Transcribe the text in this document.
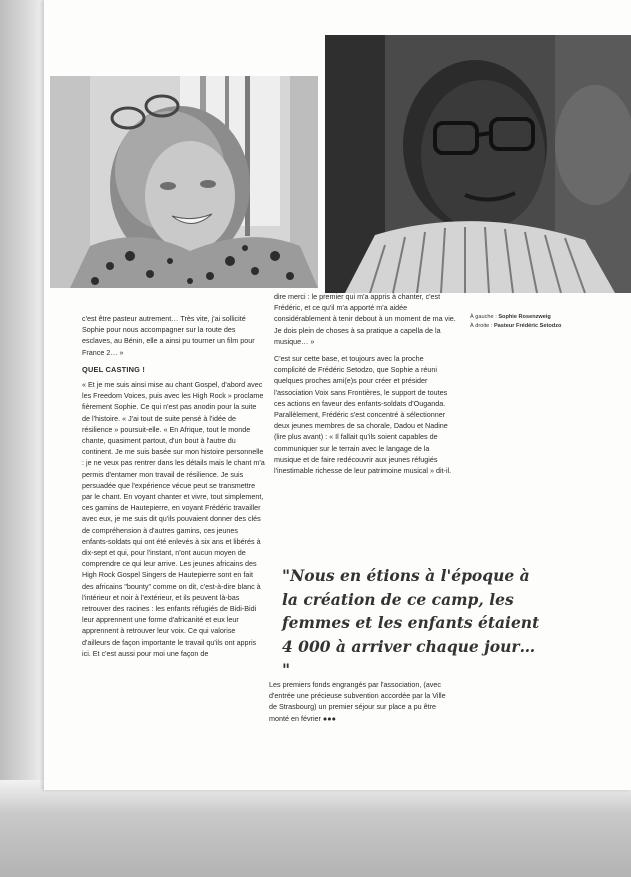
À gauche : Sophie Rosenzweig
À droite : Pasteur Frédéric Setodzo

c'est être pasteur autrement… Très vite, j'ai sollicité Sophie pour nous accompagner sur la route des esclaves, au Bénin, elle a ainsi pu tourner un film pour France 2… »

QUEL CASTING !

« Et je me suis ainsi mise au chant Gospel, d'abord avec les Freedom Voices, puis avec les High Rock » proclame fièrement Sophie. Ce qui n'est pas anodin pour la suite de l'histoire. « J'ai tout de suite pensé à l'idée de résilience » poursuit-elle. « En Afrique, tout le monde chante, quasiment partout, d'un bout à l'autre du continent. Je me suis basée sur mon histoire personnelle : je ne veux pas rentrer dans les détails mais le chant m'a permis d'entamer mon travail de résilience. Je suis persuadée que l'expérience vécue peut se transmettre par le chant. En voyant chanter et vivre, tout simplement, ces gamins de Hautepierre, en voyant Frédéric travailler avec eux, je me suis dit qu'ils pouvaient donner des clés de compréhension à d'autres gamins, ces jeunes enfants-soldats qui ont été enlevés à six ans et libérés à dix-sept et qui, pour l'instant, n'ont aucun moyen de comprendre ce qui leur arrive. Les jeunes africains des High Rock Gospel Singers de Hautepierre sont en fait des africains "bounty" comme on dit, c'est-à-dire blanc à l'intérieur et noir à l'extérieur, et ils peuvent là-bas retrouver des racines : les enfants réfugiés de Bidi-Bidi leur apprennent une forme d'africanité et eux leur apprennent à retrouver leur voix. Ce qui valorise d'ailleurs de façon importante le travail qu'ils ont appris ici. Et c'est aussi pour moi une façon de

dire merci : le premier qui m'a appris à chanter, c'est Frédéric, et ce qu'il m'a apporté m'a aidée considérablement à tenir debout à un moment de ma vie. Je dois plein de choses à sa pratique a capella de la musique… »

C'est sur cette base, et toujours avec la proche complicité de Frédéric Setodzo, que Sophie a réuni quelques proches ami(e)s pour créer et présider l'association Voix sans Frontières, le support de toutes ces actions en faveur des enfants-soldats d'Ouganda. Parallèlement, Frédéric s'est concentré à sélectionner deux jeunes membres de sa chorale, Dadou et Nadine (lire plus avant) : « Il fallait qu'ils soient capables de communiquer sur le terrain avec le langage de la musique et de faire redécouvrir aux jeunes réfugiés l'inestimable richesse de leur patrimoine musical » dit-il.

"Nous en étions à l'époque à la création de ce camp, les femmes et les enfants étaient 4 000 à arriver chaque jour… "

Les premiers fonds engrangés par l'association, (avec d'entrée une précieuse subvention accordée par la Ville de Strasbourg) un premier séjour sur place a pu être monté en février ●●●
